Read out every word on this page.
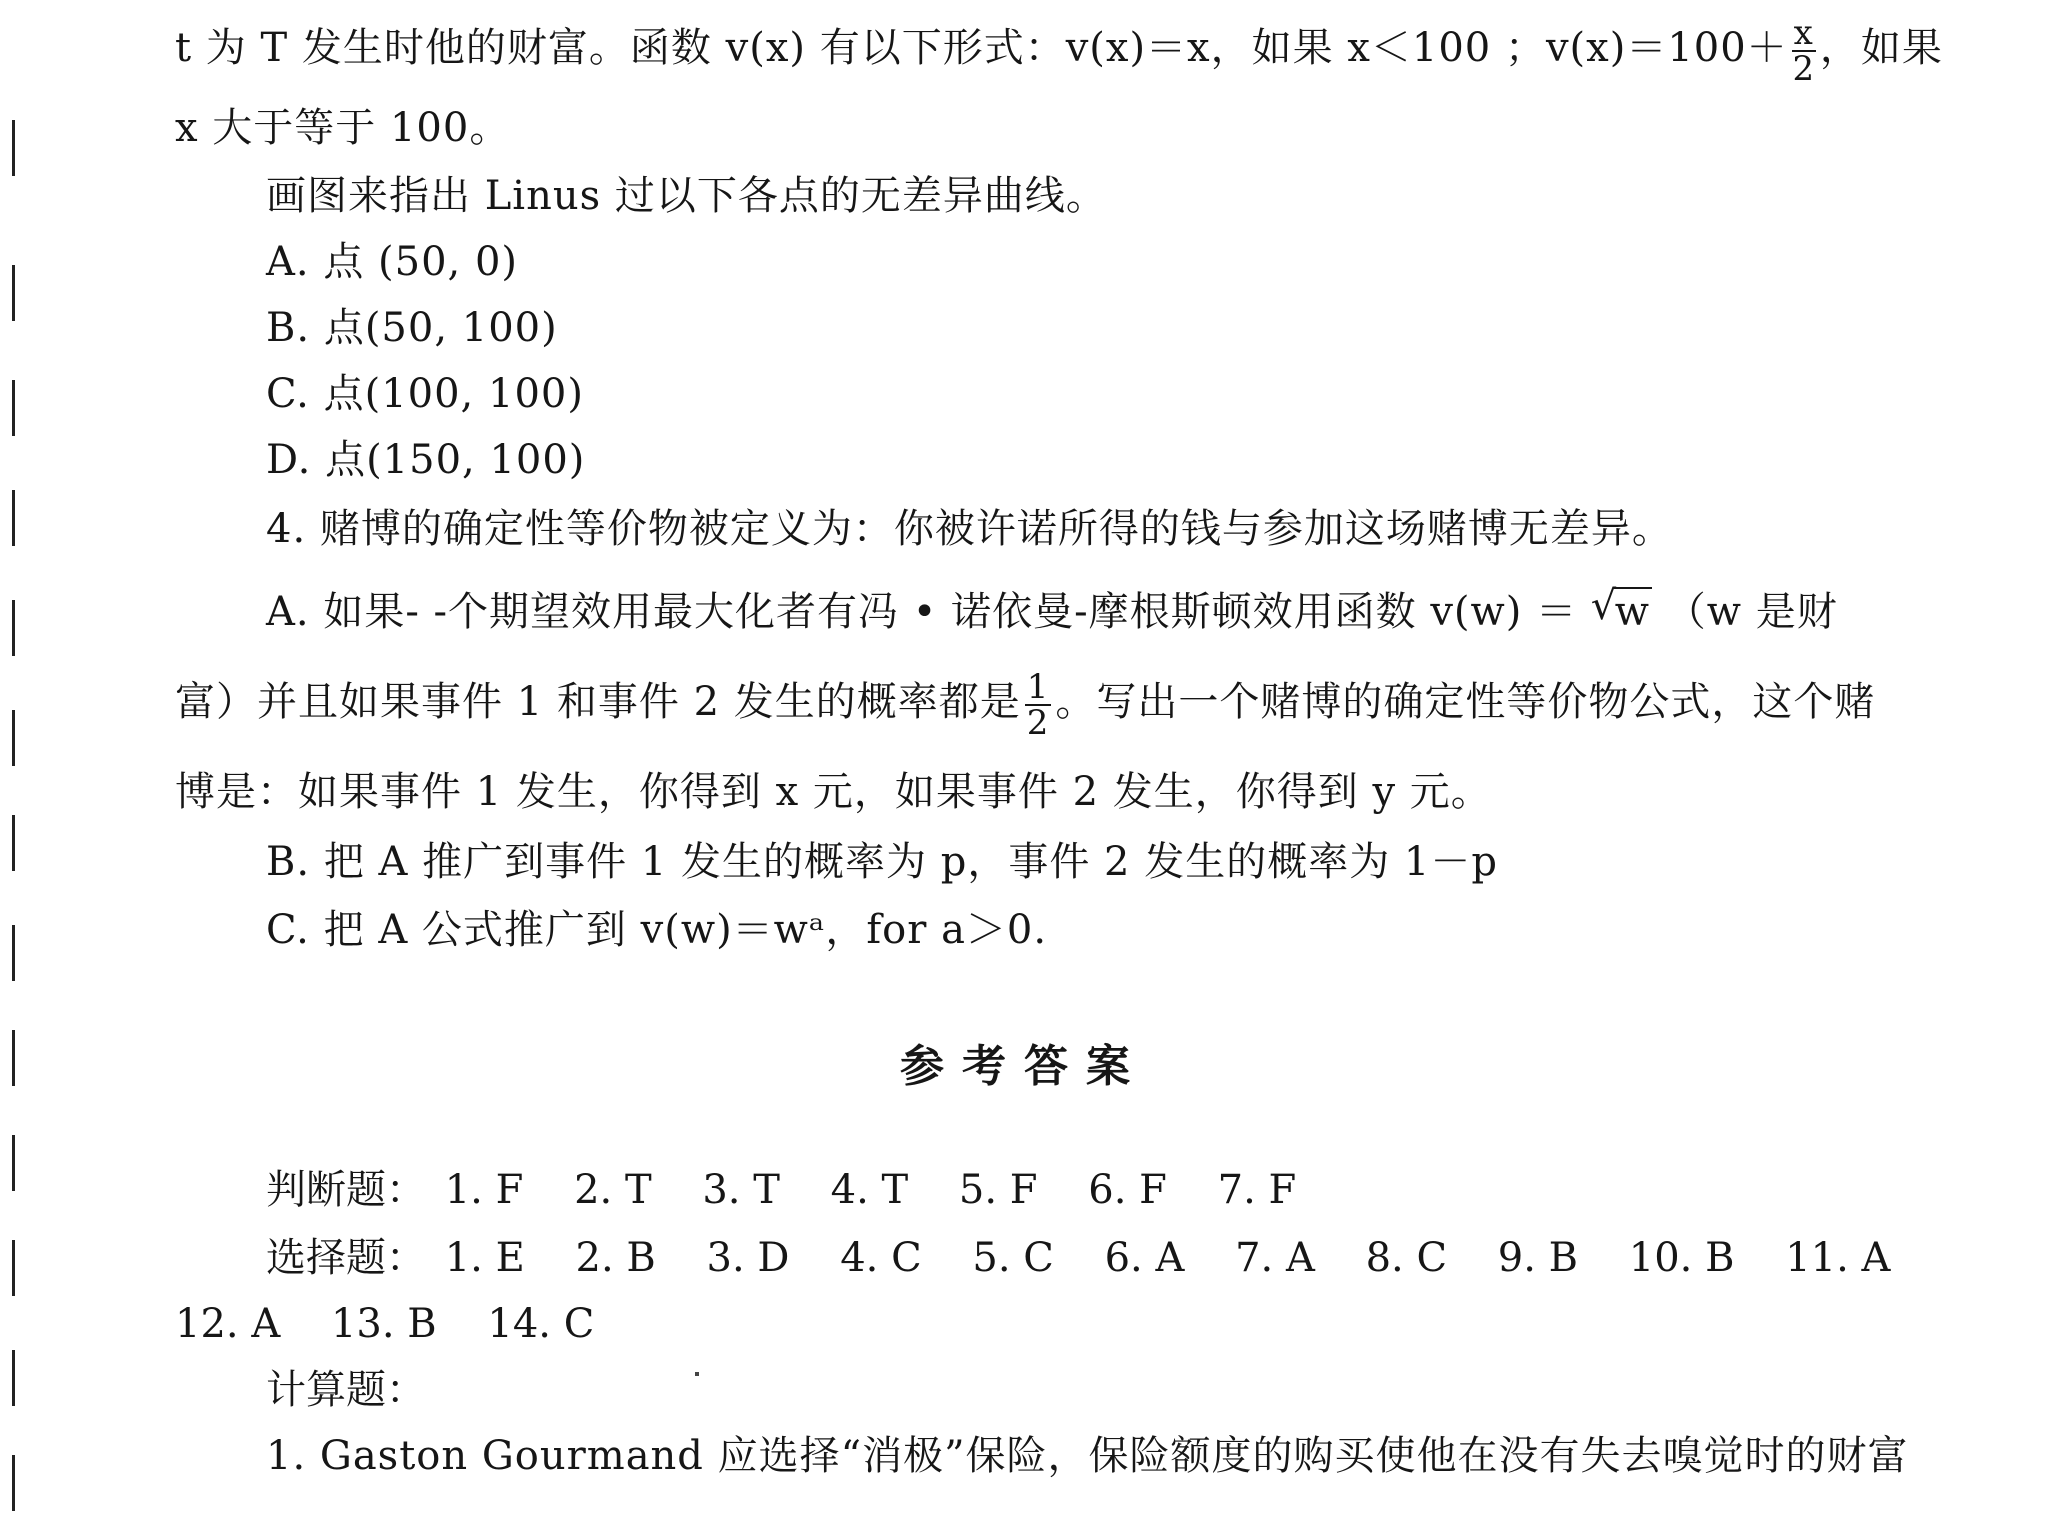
t 为 T 发生时他的财富。函数 v(x) 有以下形式：v(x)＝x，如果 x＜100 ；$v(x)=100+ \frac{x}{2}$ ，如果
x 大于等于 100。
画图来指出 Linus 过以下各点的无差异曲线。
A. 点 (50, 0)
B. 点(50, 100)
C. 点(100, 100)
D. 点(150, 100)
4. 赌博的确定性等价物被定义为：你被许诺所得的钱与参加这场赌博无差异。
A. 如果- -个期望效用最大化者有冯 • 诺依曼-摩根斯顿效用函数 v(w) ＝ √
w （w 是财
富）并且如果事件 1 和事件 2 发生的概率都是 $\frac{1}{2}$ 。写出一个赌博的确定性等价物公式，这个赌
博是：如果事件 1 发生，你得到 x 元，如果事件 2 发生，你得到 y 元。
B. 把 A 推广到事件 1 发生的概率为 p，事件 2 发生的概率为 1－p
C. 把 A 公式推广到 v(w)＝wᵃ，for a＞0.
参考答案
判断题： 1. F 2. T 3. T 4. T 5. F 6. F 7. F
选择题： 1. E 2. B 3. D 4. C 5. C 6. A 7. A 8. C 9. B 10. B 11. A
12. A 13. B 14. C
计算题：
1. Gaston Gourmand 应选择“消极”保险，保险额度的购买使他在没有失去嗅觉时的财富
